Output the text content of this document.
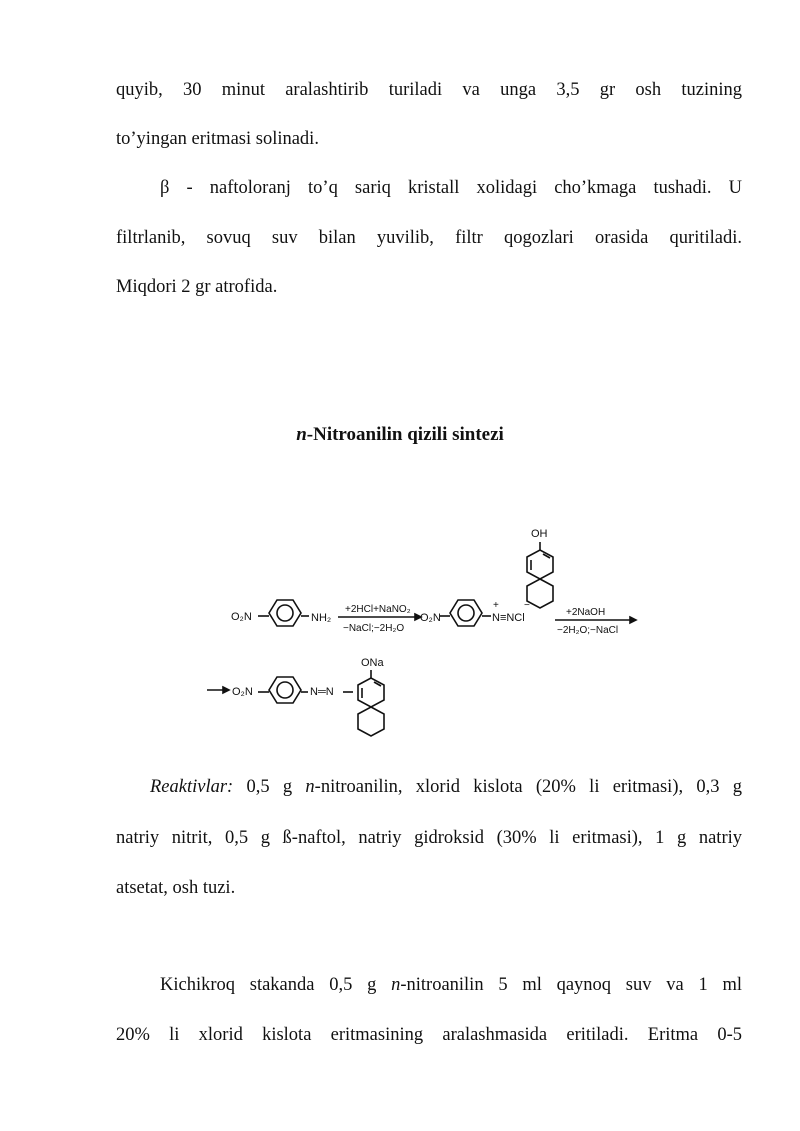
quyib, 30 minut aralashtirib turiladi va unga 3,5 gr osh tuzining
to’yingan eritmasi solinadi.
β - naftoloranj to’q sariq kristall xolidagi cho’kmaga tushadi. U
filtrlanib, sovuq suv bilan yuvilib, filtr qogozlari orasida quritiladi.
Miqdori 2 gr atrofida.
n-Nitroanilin qizili sintezi
O₂N	NH₂
+2HCl+NaNO₂
−NaCl;−2H₂O
O₂N
+	−
N≡NCl
OH
+2NaOH
−2H₂O;−NaCl
O₂N	N═N
ONa
Reaktivlar: 0,5 g n-nitroanilin, xlorid kislota (20% li eritmasi), 0,3 g
natriy nitrit, 0,5 g ß-naftol, natriy gidroksid (30% li eritmasi), 1 g natriy
atsetat, osh tuzi.
Kichikroq stakanda 0,5 g n-nitroanilin 5 ml qaynoq suv va 1 ml
20% li xlorid kislota eritmasining aralashmasida eritiladi. Eritma 0-5
